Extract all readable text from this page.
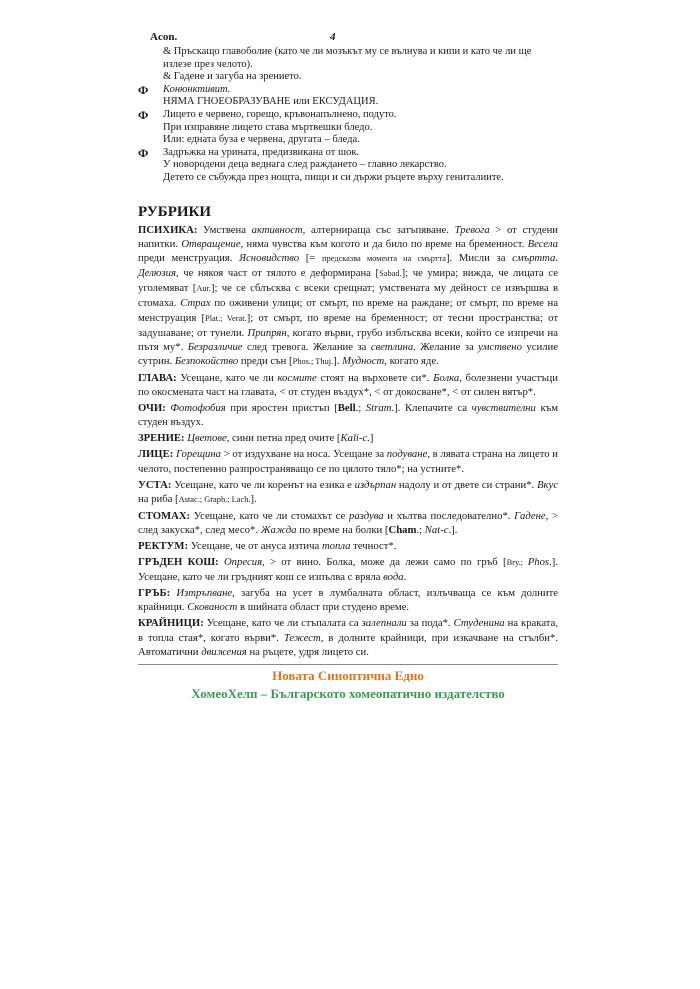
Acon.	4
& Пръскащо главоболие (като че ли мозъкът му се вълнува и кипи и като че ли ще
излезе през челото).
& Гадене и загуба на зрението.
Ф Конюнктивит.
НЯМА ГНОЕОБРАЗУВАНЕ или ЕКСУДАЦИЯ.
Ф Лицето е червено, горещо, кръвонапълнено, подуто.
При изправяне лицето става мъртвешки бледо.
Или: едната буза е червена, другата – бледа.
Ф Задръжка на урината, предизвикана от шок.
У новородени деца веднага след раждането – главно лекарство.
Детето се събужда през нощта, пищи и си държи ръцете върху гениталиите.
РУБРИКИ
ПСИХИКА: Умствена активност, алтерниращa със затъпяване. Тревога > от студени напитки. Отвращение, няма чувства към когото и да било по време на бременност. Весела преди менструация. Ясновидство [= предсказва момента на смъртта]. Мисли за смъртта. Делюзия, че някоя част от тялото е деформирана [Sabad.]; че умира; вижда, че лицата се уголемяват [Aur.]; че се сблъсква с всеки срещнат; умствената му дейност се извършва в стомаха. Страх по оживени улици; от смърт, по време на раждане; от смърт, по време на менструация [Plat.; Verat.]; от смърт, по време на бременност; от тесни пространства; от задушаване; от тунели. Припрян, когато върви, грубо изблъсква всеки, който се изпречи на пътя му*. Безразличие след тревога. Желание за светлина. Желание за умствено усилие сутрин. Безпокойство преди сън [Phos.; Thuj.]. Мудност, когато яде.
ГЛАВА: Усещане, като че ли космите стоят на върховете си*. Болка, болезнени участъци по окосмената част на главата, < от студен въздух*, < от докосване*, < от силен вятър*.
ОЧИ: Фотофобия при яростен пристъп [Bell.; Stram.]. Клепачите са чувствителни към студен въздух.
ЗРЕНИЕ: Цветове, сини петна пред очите [Kali-c.]
ЛИЦЕ: Горещина > от издухване на носа. Усещане за подуване, в лявата страна на лицето и челото, постепенно разпространяващо се по цялото тяло*; на устните*.
УСТА: Усещане, като че ли коренът на езика е издърпан надолу и от двете си страни*. Вкус на риба [Astac.; Graph.; Lach.].
СТОМАХ: Усещане, като че ли стомахът се раздува и хълтва последователно*. Гадене, > след закуска*, след месо*. Жажда по време на болки [Cham.; Nat-c.].
РЕКТУМ: Усещане, че от ануса изтича топла течност*.
ГРЪДЕН КОШ: Опресия, > от вино. Болка, може да лежи само по гръб [Bry.; Phos.]. Усещане, като че ли гръдният кош се изпълва с вряла вода.
ГРЪБ: Изтръпване, загуба на усет в лумбалната област, излъчваща се към долните крайници. Скованост в шийната област при студено време.
КРАЙНИЦИ: Усещане, като че ли стъпалата са залепнали за пода*. Студенина на краката, в топла стая*, когато върви*. Тежест, в долните крайници, при изкачване на стълби*. Автоматични движения на ръцете, удря лицето си.
Новата Синоптична Едно
ХомеоХелп – Българското хомеопатично издателство
